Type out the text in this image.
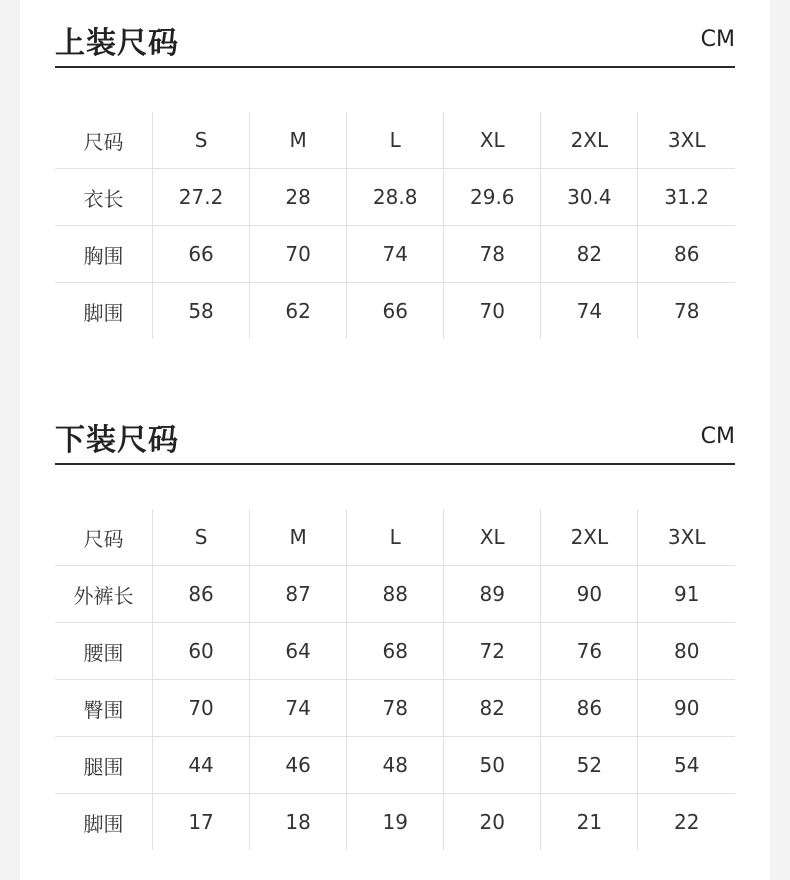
上装尺码	CM
尺码	S	M	L	XL	2XL	3XL
衣长	27.2	28	28.8	29.6	30.4	31.2
胸围	66	70	74	78	82	86
脚围	58	62	66	70	74	78
下装尺码	CM
尺码	S	M	L	XL	2XL	3XL
外裤长	86	87	88	89	90	91
腰围	60	64	68	72	76	80
臀围	70	74	78	82	86	90
腿围	44	46	48	50	52	54
脚围	17	18	19	20	21	22
